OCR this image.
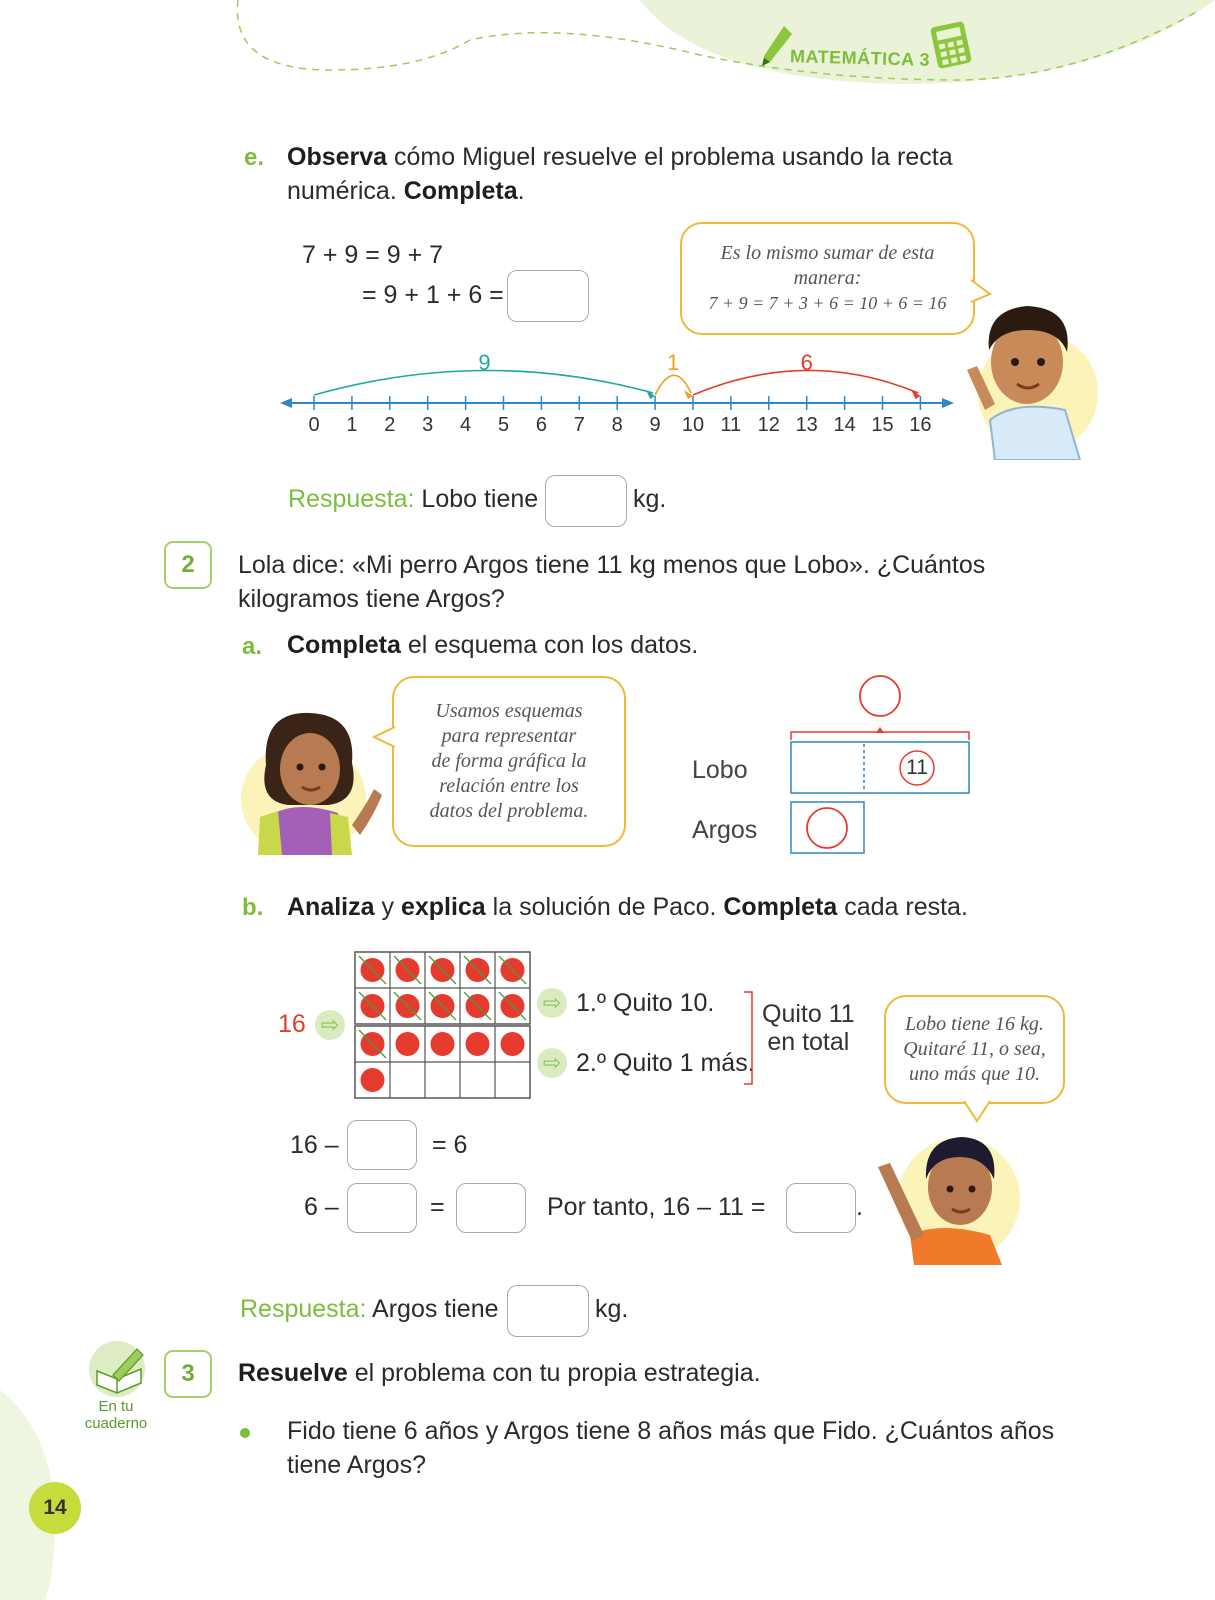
MATEMÁTICA 3
e. Observa cómo Miguel resuelve el problema usando la recta
numérica. Completa.
7 + 9 = 9 + 7
= 9 + 1 + 6 =
Es lo mismo sumar de esta
manera:
7 + 9 = 7 + 3 + 6 = 10 + 6 = 16
0 1 2 3 4 5 6 7 8 9 10 11 12 13 14 15 16
9	1	6
Respuesta: Lobo tiene	kg.
2	Lola dice: «Mi perro Argos tiene 11 kg menos que Lobo». ¿Cuántos
kilogramos tiene Argos?
a. Completa el esquema con los datos.
Usamos esquemas
para representar
de forma gráfica la
relación entre los
datos del problema.
Lobo
Argos
11
b. Analiza y explica la solución de Paco. Completa cada resta.
16 ⇨
⇨ 1.º Quito 10.
⇨ 2.º Quito 1 más.
Quito 11
en total
Lobo tiene 16 kg.
Quitaré 11, o sea,
uno más que 10.
16 –	= 6
6 –	=	Por tanto, 16 – 11 =	.
Respuesta: Argos tiene	kg.
En tu
cuaderno
3	Resuelve el problema con tu propia estrategia.
Fido tiene 6 años y Argos tiene 8 años más que Fido. ¿Cuántos años
tiene Argos?
14
